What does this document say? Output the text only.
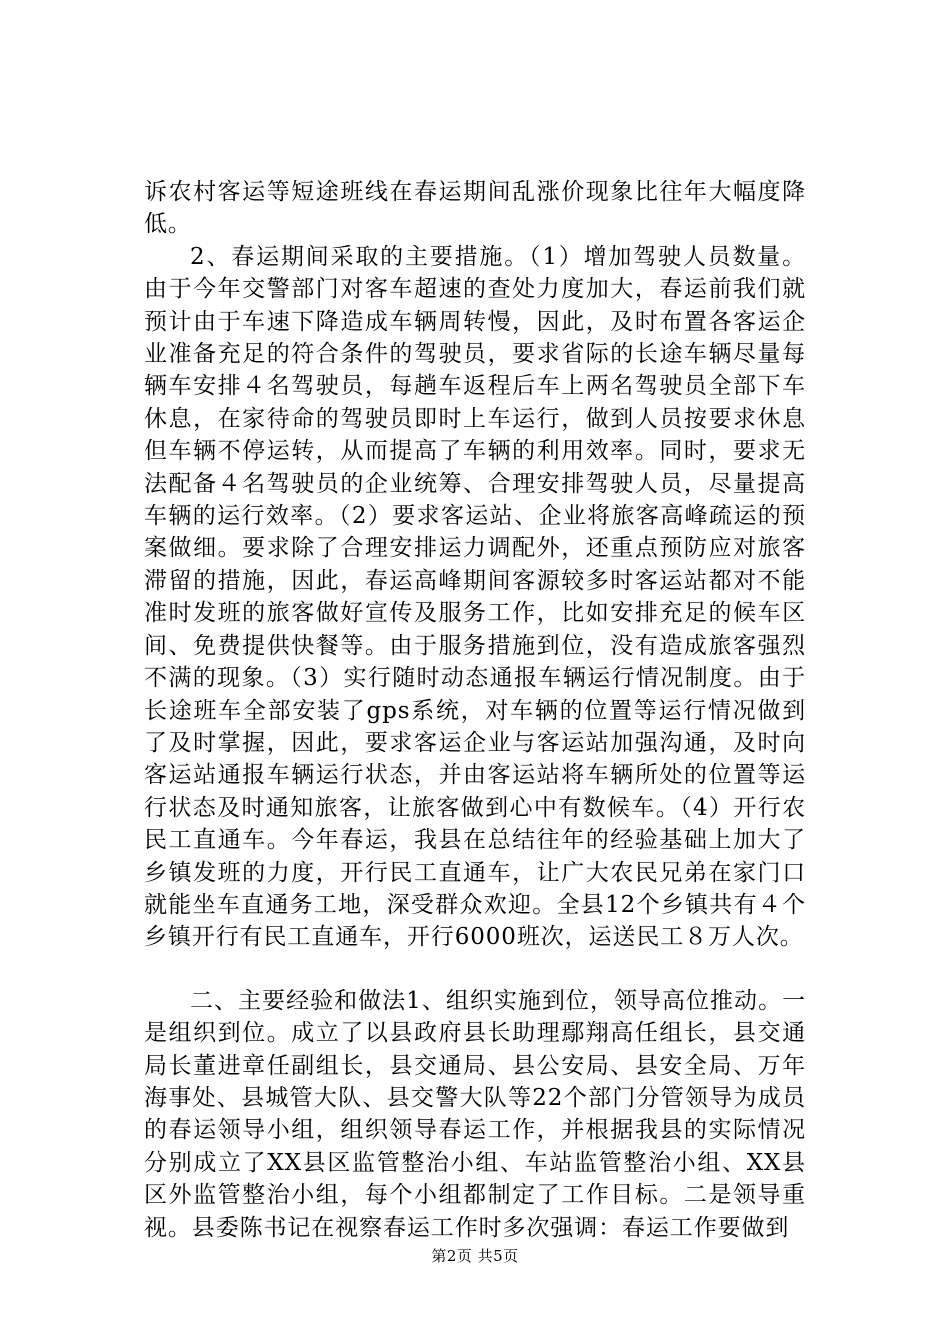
诉农村客运等短途班线在春运期间乱涨价现象比往年大幅度降低。

2、春运期间采取的主要措施。（1）增加驾驶人员数量。由于今年交警部门对客车超速的查处力度加大，春运前我们就预计由于车速下降造成车辆周转慢，因此，及时布置各客运企业准备充足的符合条件的驾驶员，要求省际的长途车辆尽量每辆车安排４名驾驶员，每趟车返程后车上两名驾驶员全部下车休息，在家待命的驾驶员即时上车运行，做到人员按要求休息但车辆不停运转，从而提高了车辆的利用效率。同时，要求无法配备４名驾驶员的企业统筹、合理安排驾驶人员，尽量提高车辆的运行效率。（2）要求客运站、企业将旅客高峰疏运的预案做细。要求除了合理安排运力调配外，还重点预防应对旅客滞留的措施，因此，春运高峰期间客源较多时客运站都对不能准时发班的旅客做好宣传及服务工作，比如安排充足的候车区间、免费提供快餐等。由于服务措施到位，没有造成旅客强烈不满的现象。（3）实行随时动态通报车辆运行情况制度。由于长途班车全部安装了gps系统，对车辆的位置等运行情况做到了及时掌握，因此，要求客运企业与客运站加强沟通，及时向客运站通报车辆运行状态，并由客运站将车辆所处的位置等运行状态及时通知旅客，让旅客做到心中有数候车。（4）开行农民工直通车。今年春运，我县在总结往年的经验基础上加大了乡镇发班的力度，开行民工直通车，让广大农民兄弟在家门口就能坐车直通务工地，深受群众欢迎。全县12个乡镇共有４个乡镇开行有民工直通车，开行6000班次，运送民工８万人次。

二、主要经验和做法1、组织实施到位，领导高位推动。一是组织到位。成立了以县政府县长助理鄢翔高任组长，县交通局长董进章任副组长，县交通局、县公安局、县安全局、万年海事处、县城管大队、县交警大队等22个部门分管领导为成员的春运领导小组，组织领导春运工作，并根据我县的实际情况分别成立了XX县区监管整治小组、车站监管整治小组、XX县区外监管整治小组，每个小组都制定了工作目标。二是领导重视。县委陈书记在视察春运工作时多次强调：春运工作要做到

第2页 共5页
